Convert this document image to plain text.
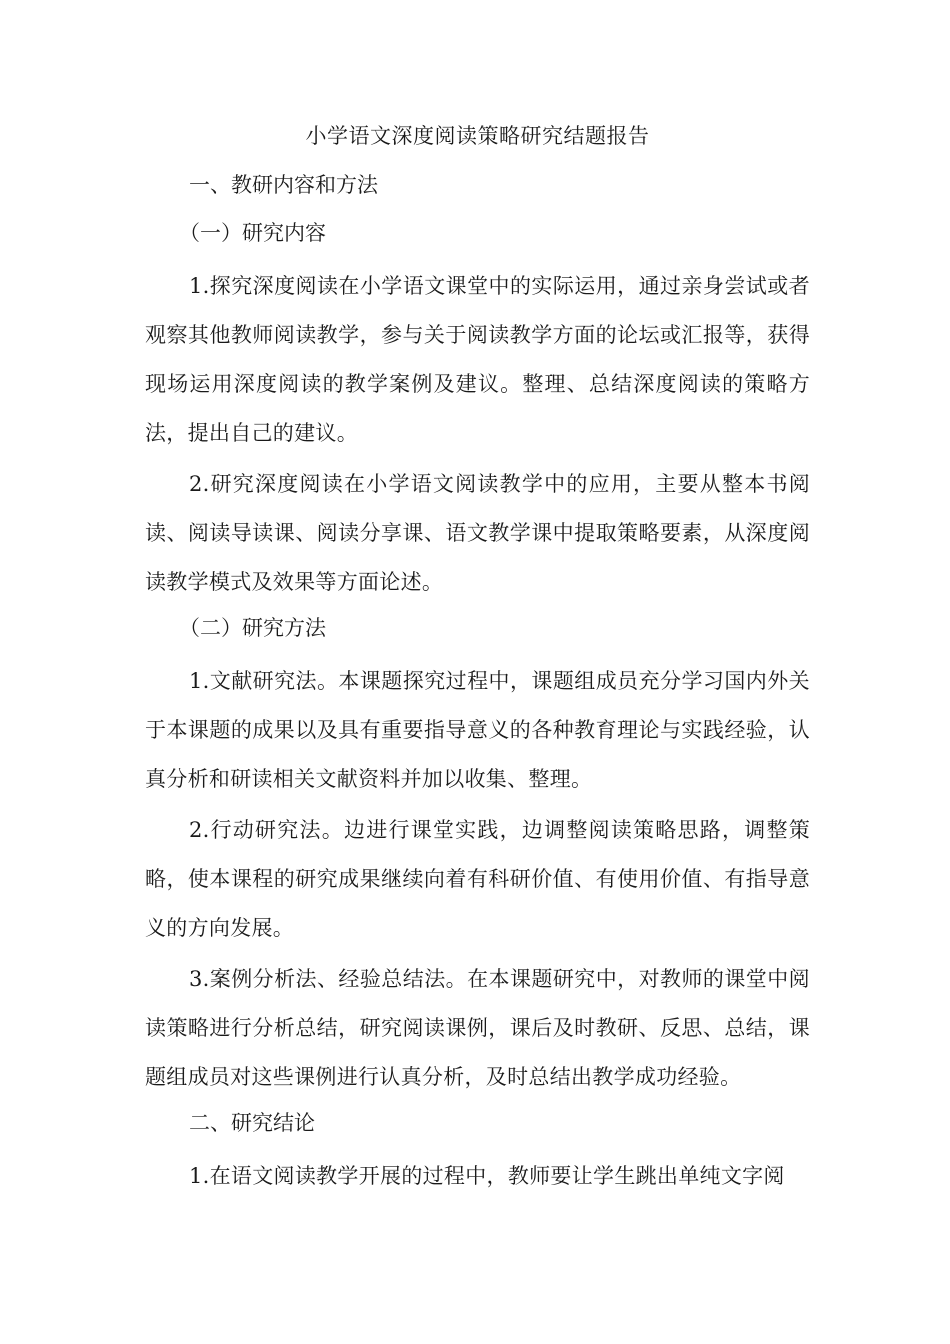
小学语文深度阅读策略研究结题报告
一、教研内容和方法
（一）研究内容

1.探究深度阅读在小学语文课堂中的实际运用，通过亲身尝试或者观察其他教师阅读教学，参与关于阅读教学方面的论坛或汇报等，获得现场运用深度阅读的教学案例及建议。整理、总结深度阅读的策略方法，提出自己的建议。

2.研究深度阅读在小学语文阅读教学中的应用，主要从整本书阅读、阅读导读课、阅读分享课、语文教学课中提取策略要素，从深度阅读教学模式及效果等方面论述。

（二）研究方法

1.文献研究法。本课题探究过程中，课题组成员充分学习国内外关于本课题的成果以及具有重要指导意义的各种教育理论与实践经验，认真分析和研读相关文献资料并加以收集、整理。

2.行动研究法。边进行课堂实践，边调整阅读策略思路，调整策略，使本课程的研究成果继续向着有科研价值、有使用价值、有指导意义的方向发展。

3.案例分析法、经验总结法。在本课题研究中，对教师的课堂中阅读策略进行分析总结，研究阅读课例，课后及时教研、反思、总结，课题组成员对这些课例进行认真分析，及时总结出教学成功经验。

二、研究结论

1.在语文阅读教学开展的过程中，教师要让学生跳出单纯文字阅
